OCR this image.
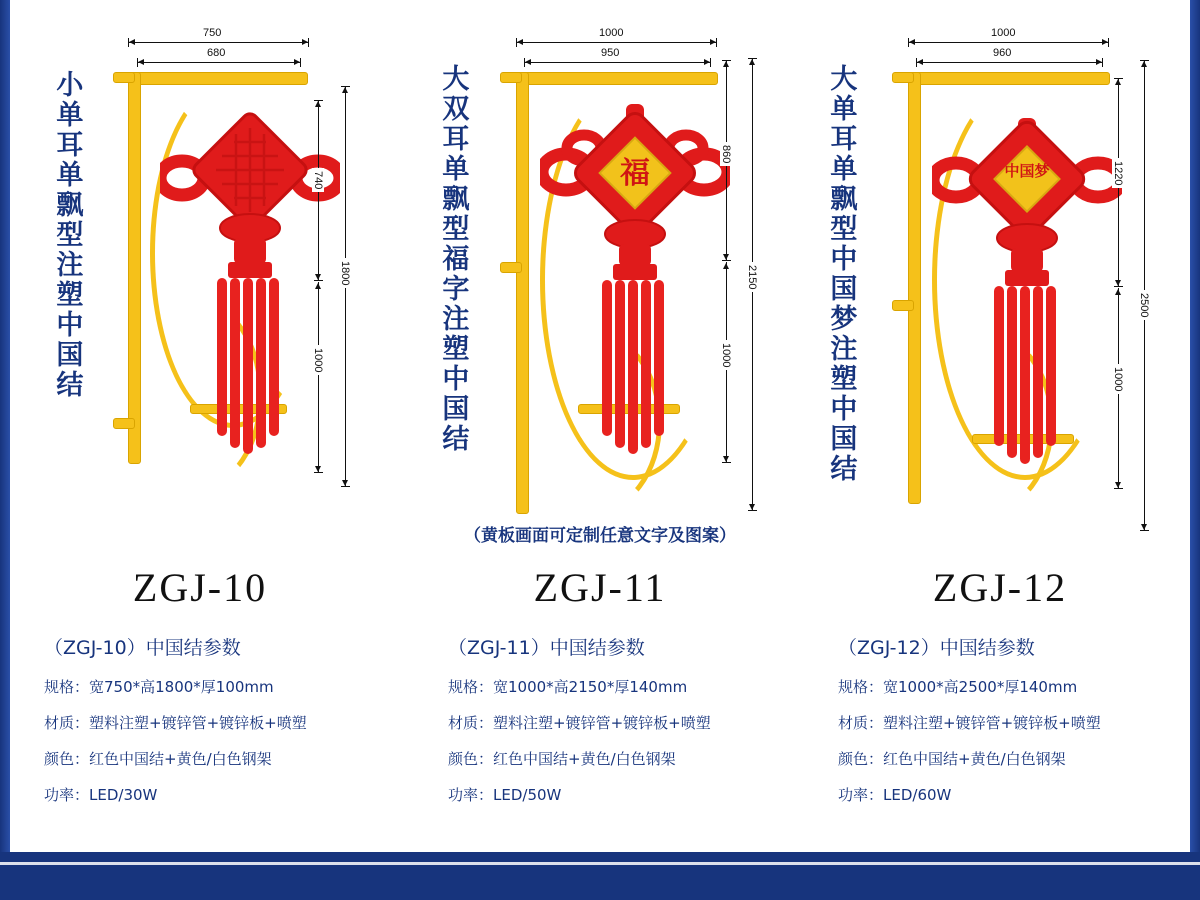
小单耳单飘型注塑中国结
750
680
740
1000
1800
ZGJ-10
（ZGJ-10）中国结参数
规格：宽750*高1800*厚100mm
材质：塑料注塑+镀锌管+镀锌板+喷塑
颜色：红色中国结+黄色/白色钢架
功率：LED/30W
大双耳单飘型福字注塑中国结
1000
950
福
860
1000
2150
（黄板画面可定制任意文字及图案）
ZGJ-11
（ZGJ-11）中国结参数
规格：宽1000*高2150*厚140mm
材质：塑料注塑+镀锌管+镀锌板+喷塑
颜色：红色中国结+黄色/白色钢架
功率：LED/50W
大单耳单飘型中国梦注塑中国结
1000
960
中国梦	1220
1000
2500
ZGJ-12
（ZGJ-12）中国结参数
规格：宽1000*高2500*厚140mm
材质：塑料注塑+镀锌管+镀锌板+喷塑
颜色：红色中国结+黄色/白色钢架
功率：LED/60W
